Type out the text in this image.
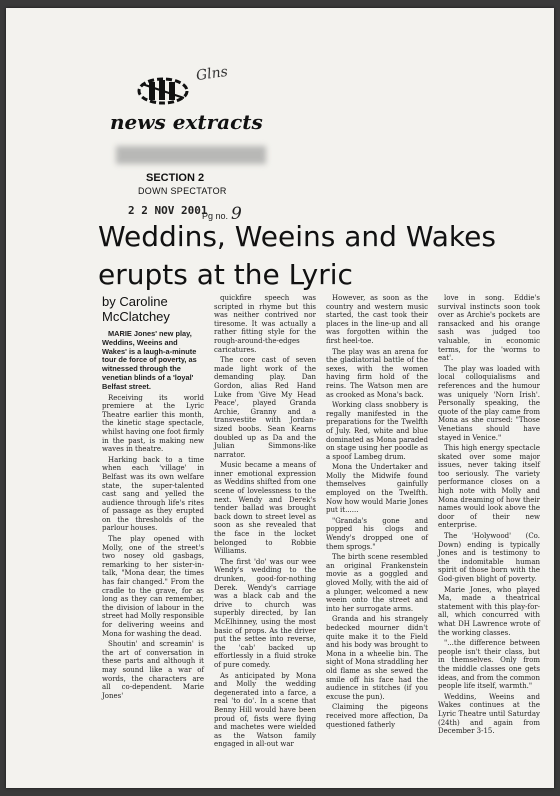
Glns
news extracts
SECTION 2
DOWN SPECTATOR
2 2 NOV 2001
Pg no. 9
Weddins, Weeins and Wakes erupts at the Lyric
by Caroline McClatchey

MARIE Jones' new play, Weddins, Weeins and Wakes' is a laugh-a-minute tour de force of poverty, as witnessed through the venetian blinds of a 'loyal' Belfast street.

Receiving its world premiere at the Lyric Theatre earlier this month, the kinetic stage spectacle, whilst having one foot firmly in the past, is making new waves in theatre.

Harking back to a time when each 'village' in Belfast was its own welfare state, the super-talented cast sang and yelled the audience through life's rites of passage as they erupted on the thresholds of the parlour houses.

The play opened with Molly, one of the street's two nosey old gasbags, remarking to her sister-in-talk, "Mona dear, the times has fair changed." From the cradle to the grave, for as long as they can remember, the division of labour in the street had Molly responsible for delivering weeins and Mona for washing the dead.

Shoutin' and screamin' is the art of conversation in these parts and although it may sound like a war of words, the characters are all co-dependent. Marie Jones'

quickfire speech was scripted in rhyme but this was neither contrived nor tiresome. It was actually a rather fitting style for the rough-around-the-edges caricatures.

The core cast of seven made light work of the demanding play. Dan Gordon, alias Red Hand Luke from 'Give My Head Peace', played Granda Archie, Granny and a transvestite with Jordan-sized boobs. Sean Kearns doubled up as Da and the Julian Simmons-like narrator.

Music became a means of inner emotional expression as Weddins shifted from one scene of lovelessness to the next. Wendy and Derek's tender ballad was brought back down to street level as soon as she revealed that the face in the locket belonged to Robbie Williams.

The first 'do' was our wee Wendy's wedding to the drunken, good-for-nothing Derek. Wendy's carriage was a black cab and the drive to church was superbly directed, by Ian McElhinney, using the most basic of props. As the driver put the settee into reverse, the 'cab' backed up effortlessly in a fluid stroke of pure comedy.

As anticipated by Mona and Molly the wedding degenerated into a farce, a real 'to do'. In a scene that Benny Hill would have been proud of, fists were flying and machetes were wielded as the Watson family engaged in all-out war

However, as soon as the country and western music started, the cast took their places in the line-up and all was forgotten within the first heel-toe.

The play was an arena for the gladiatorial battle of the sexes, with the women having firm hold of the reins. The Watson men are as crooked as Mona's back.

Working class snobbery is regally manifested in the preparations for the Twelfth of July. Red, white and blue dominated as Mona paraded on stage using her poodle as a spoof Lambeg drum.

Mona the Undertaker and Molly the Midwife found themselves gainfully employed on the Twelfth. Now how would Marie Jones put it......

"Granda's gone and popped his clogs and Wendy's dropped one of them sprogs."

The birth scene resembled an original Frankenstein movie as a goggled and gloved Molly, with the aid of a plunger, welcomed a new weein onto the street and into her surrogate arms.

Granda and his strangely bedecked mourner didn't quite make it to the Field and his body was brought to Mona in a wheelie bin. The sight of Mona straddling her old flame as she sewed the smile off his face had the audience in stitches (if you excuse the pun).

Claiming the pigeons received more affection, Da questioned fatherly

love in song. Eddie's survival instincts soon took over as Archie's pockets are ransacked and his orange sash was judged too valuable, in economic terms, for the 'worms to eat'.

The play was loaded with local colloquialisms and references and the humour was uniquely 'Norn Irish'. Personally speaking, the quote of the play came from Mona as she cursed: "Those Venetians should have stayed in Venice."

This high energy spectacle skated over some major issues, never taking itself too seriously. The variety performance closes on a high note with Molly and Mona dreaming of how their names would look above the door of their new enterprise.

The 'Holywood' (Co. Down) ending is typically Jones and is testimony to the indomitable human spirit of those born with the God-given blight of poverty.

Marie Jones, who played Ma, made a theatrical statement with this play-for-all, which concurred with what DH Lawrence wrote of the working classes.

"...the difference between people isn't their class, but in themselves. Only from the middle classes one gets ideas, and from the common people life itself, warmth."

Weddins, Weeins and Wakes continues at the Lyric Theatre until Saturday (24th) and again from December 3-15.
